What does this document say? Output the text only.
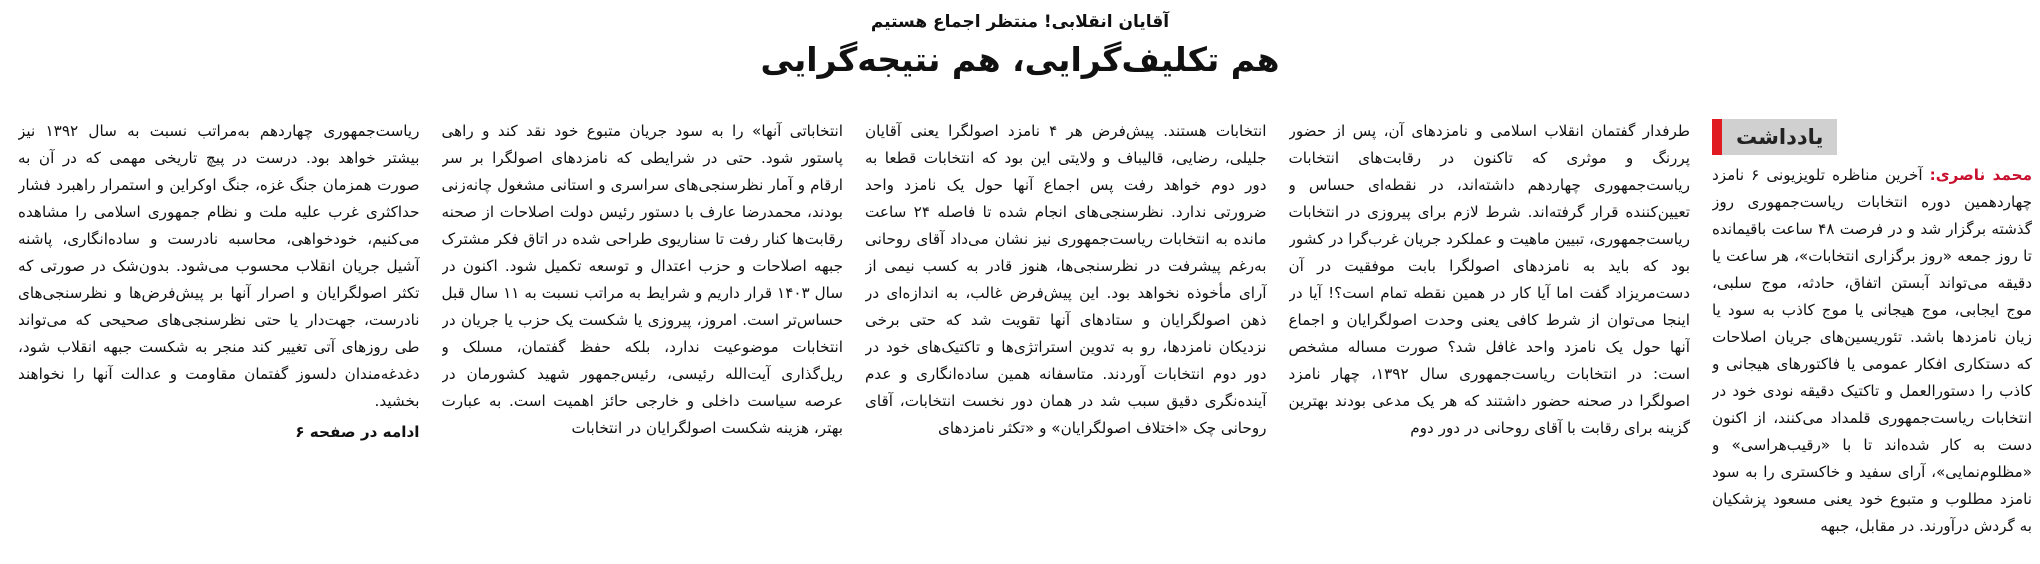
آقایان انقلابی! منتظر اجماع هستیم
هم تکلیف‌گرایی، هم نتیجه‌گرایی
یادداشت

محمد ناصری: آخرین مناظره تلویزیونی ۶ نامزد چهاردهمین دوره انتخابات ریاست‌جمهوری روز گذشته برگزار شد و در فرصت ۴۸ ساعت باقیمانده تا روز جمعه «روز برگزاری انتخابات»، هر ساعت یا دقیقه می‌تواند آبستن اتفاق، حادثه، موج سلبی، موج ایجابی، موج هیجانی یا موج کاذب به سود یا زیان نامزدها باشد. تئوریسین‌های جریان اصلاحات که دستکاری افکار عمومی یا فاکتورهای هیجانی و کاذب را دستورالعمل و تاکتیک دقیقه نودی خود در انتخابات ریاست‌جمهوری قلمداد می‌کنند، از اکنون دست به کار شده‌اند تا با «رقیب‌هراسی» و «مظلوم‌نمایی»، آرای سفید و خاکستری را به سود نامزد مطلوب و متبوع خود یعنی مسعود پزشکیان به گردش درآورند. در مقابل، جبهه

طرفدار گفتمان انقلاب اسلامی و نامزدهای آن، پس از حضور پررنگ و موثری که تاکنون در رقابت‌های انتخابات ریاست‌جمهوری چهاردهم داشته‌اند، در نقطه‌ای حساس و تعیین‌کننده قرار گرفته‌اند. شرط لازم برای پیروزی در انتخابات ریاست‌جمهوری، تبیین ماهیت و عملکرد جریان غرب‌گرا در کشور بود که باید به نامزدهای اصولگرا بابت موفقیت در آن دست‌مریزاد گفت اما آیا کار در همین نقطه تمام است؟! آیا در اینجا می‌توان از شرط کافی یعنی وحدت اصولگرایان و اجماع آنها حول یک نامزد واحد غافل شد؟ صورت مساله مشخص است: در انتخابات ریاست‌جمهوری سال ۱۳۹۲، چهار نامزد اصولگرا در صحنه حضور داشتند که هر یک مدعی بودند بهترین گزینه برای رقابت با آقای روحانی در دور دوم

انتخابات هستند. پیش‌فرض هر ۴ نامزد اصولگرا یعنی آقایان جلیلی، رضایی، قالیباف و ولایتی این بود که انتخابات قطعا به دور دوم خواهد رفت پس اجماع آنها حول یک نامزد واحد ضرورتی ندارد. نظرسنجی‌های انجام شده تا فاصله ۲۴ ساعت مانده به انتخابات ریاست‌جمهوری نیز نشان می‌داد آقای روحانی به‌رغم پیشرفت در نظرسنجی‌ها، هنوز قادر به کسب نیمی از آرای مأخوذه نخواهد بود. این پیش‌فرض غالب، به اندازه‌ای در ذهن اصولگرایان و ستادهای آنها تقویت شد که حتی برخی نزدیکان نامزدها، رو به تدوین استراتژی‌ها و تاکتیک‌های خود در دور دوم انتخابات آوردند. متاسفانه همین ساده‌انگاری و عدم آینده‌نگری دقیق سبب شد در همان دور نخست انتخابات، آقای روحانی چک «اختلاف اصولگرایان» و «تکثر نامزدهای

انتخاباتی آنها» را به سود جریان متبوع خود نقد کند و راهی پاستور شود. حتی در شرایطی که نامزدهای اصولگرا بر سر ارقام و آمار نظرسنجی‌های سراسری و استانی مشغول چانه‌زنی بودند، محمدرضا عارف با دستور رئیس دولت اصلاحات از صحنه رقابت‌ها کنار رفت تا سناریوی طراحی شده در اتاق فکر مشترک جبهه اصلاحات و حزب اعتدال و توسعه تکمیل شود. اکنون در سال ۱۴۰۳ قرار داریم و شرایط به مراتب نسبت به ۱۱ سال قبل حساس‌تر است. امروز، پیروزی یا شکست یک حزب یا جریان در انتخابات موضوعیت ندارد، بلکه حفظ گفتمان، مسلک و ریل‌گذاری آیت‌الله رئیسی، رئیس‌جمهور شهید کشورمان در عرصه سیاست داخلی و خارجی حائز اهمیت است. به عبارت بهتر، هزینه شکست اصولگرایان در انتخابات

ریاست‌جمهوری چهاردهم به‌مراتب نسبت به سال ۱۳۹۲ نیز بیشتر خواهد بود. درست در پیچ تاریخی مهمی که در آن به صورت همزمان جنگ غزه، جنگ اوکراین و استمرار راهبرد فشار حداکثری غرب علیه ملت و نظام جمهوری اسلامی را مشاهده می‌کنیم، خودخواهی، محاسبه نادرست و ساده‌انگاری، پاشنه آشیل جریان انقلاب محسوب می‌شود. بدون‌شک در صورتی که تکثر اصولگرایان و اصرار آنها بر پیش‌فرض‌ها و نظرسنجی‌های نادرست، جهت‌دار یا حتی نظرسنجی‌های صحیحی که می‌تواند طی روزهای آتی تغییر کند منجر به شکست جبهه انقلاب شود، دغدغه‌مندان دلسوز گفتمان مقاومت و عدالت آنها را نخواهند بخشید.

ادامه در صفحه ۶
